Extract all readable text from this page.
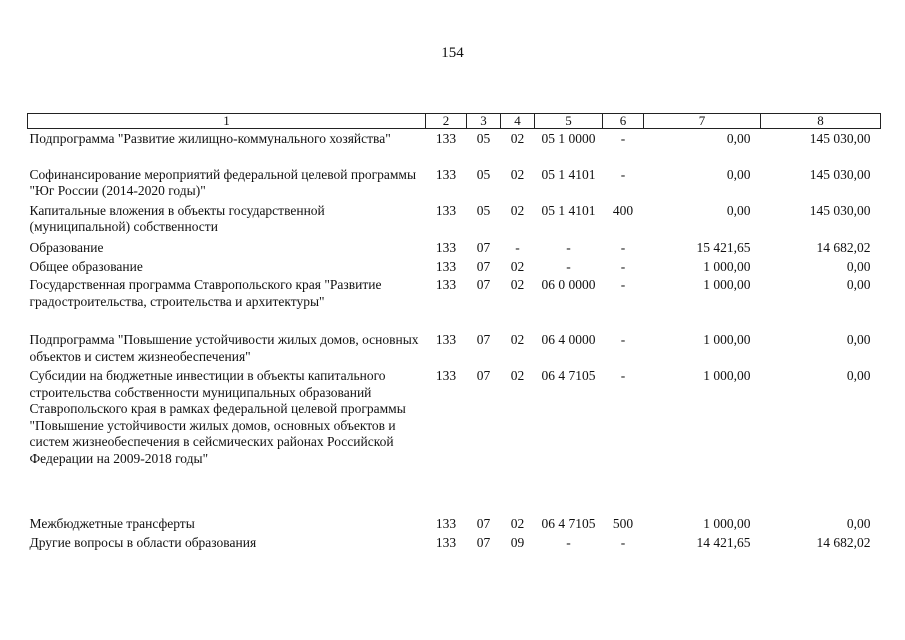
154
1	2	3	4	5	6	7	8
Подпрограмма "Развитие жилищно-коммунального хозяйства"	133	05	02	05 1 0000	-	0,00	145 030,00
Софинансирование мероприятий федеральной целевой программы "Юг России (2014-2020 годы)"	133	05	02	05 1 4101	-	0,00	145 030,00
Капитальные вложения в объекты государственной (муниципальной) собственности	133	05	02	05 1 4101	400	0,00	145 030,00
Образование	133	07	-	-	-	15 421,65	14 682,02
Общее образование	133	07	02	-	-	1 000,00	0,00
Государственная программа Ставропольского края "Развитие градостроительства, строительства и архитектуры"	133	07	02	06 0 0000	-	1 000,00	0,00
Подпрограмма "Повышение устойчивости жилых домов, основных объектов и систем жизнеобеспечения"	133	07	02	06 4 0000	-	1 000,00	0,00
Субсидии на бюджетные инвестиции в объекты капитального строительства собственности муниципальных образований Ставропольского края в рамках федеральной целевой программы "Повышение устойчивости жилых домов, основных объектов и систем жизнеобеспечения в сейсмических районах Российской Федерации на 2009-2018 годы"	133	07	02	06 4 7105	-	1 000,00	0,00
Межбюджетные трансферты	133	07	02	06 4 7105	500	1 000,00	0,00
Другие вопросы в области образования	133	07	09	-	-	14 421,65	14 682,02
